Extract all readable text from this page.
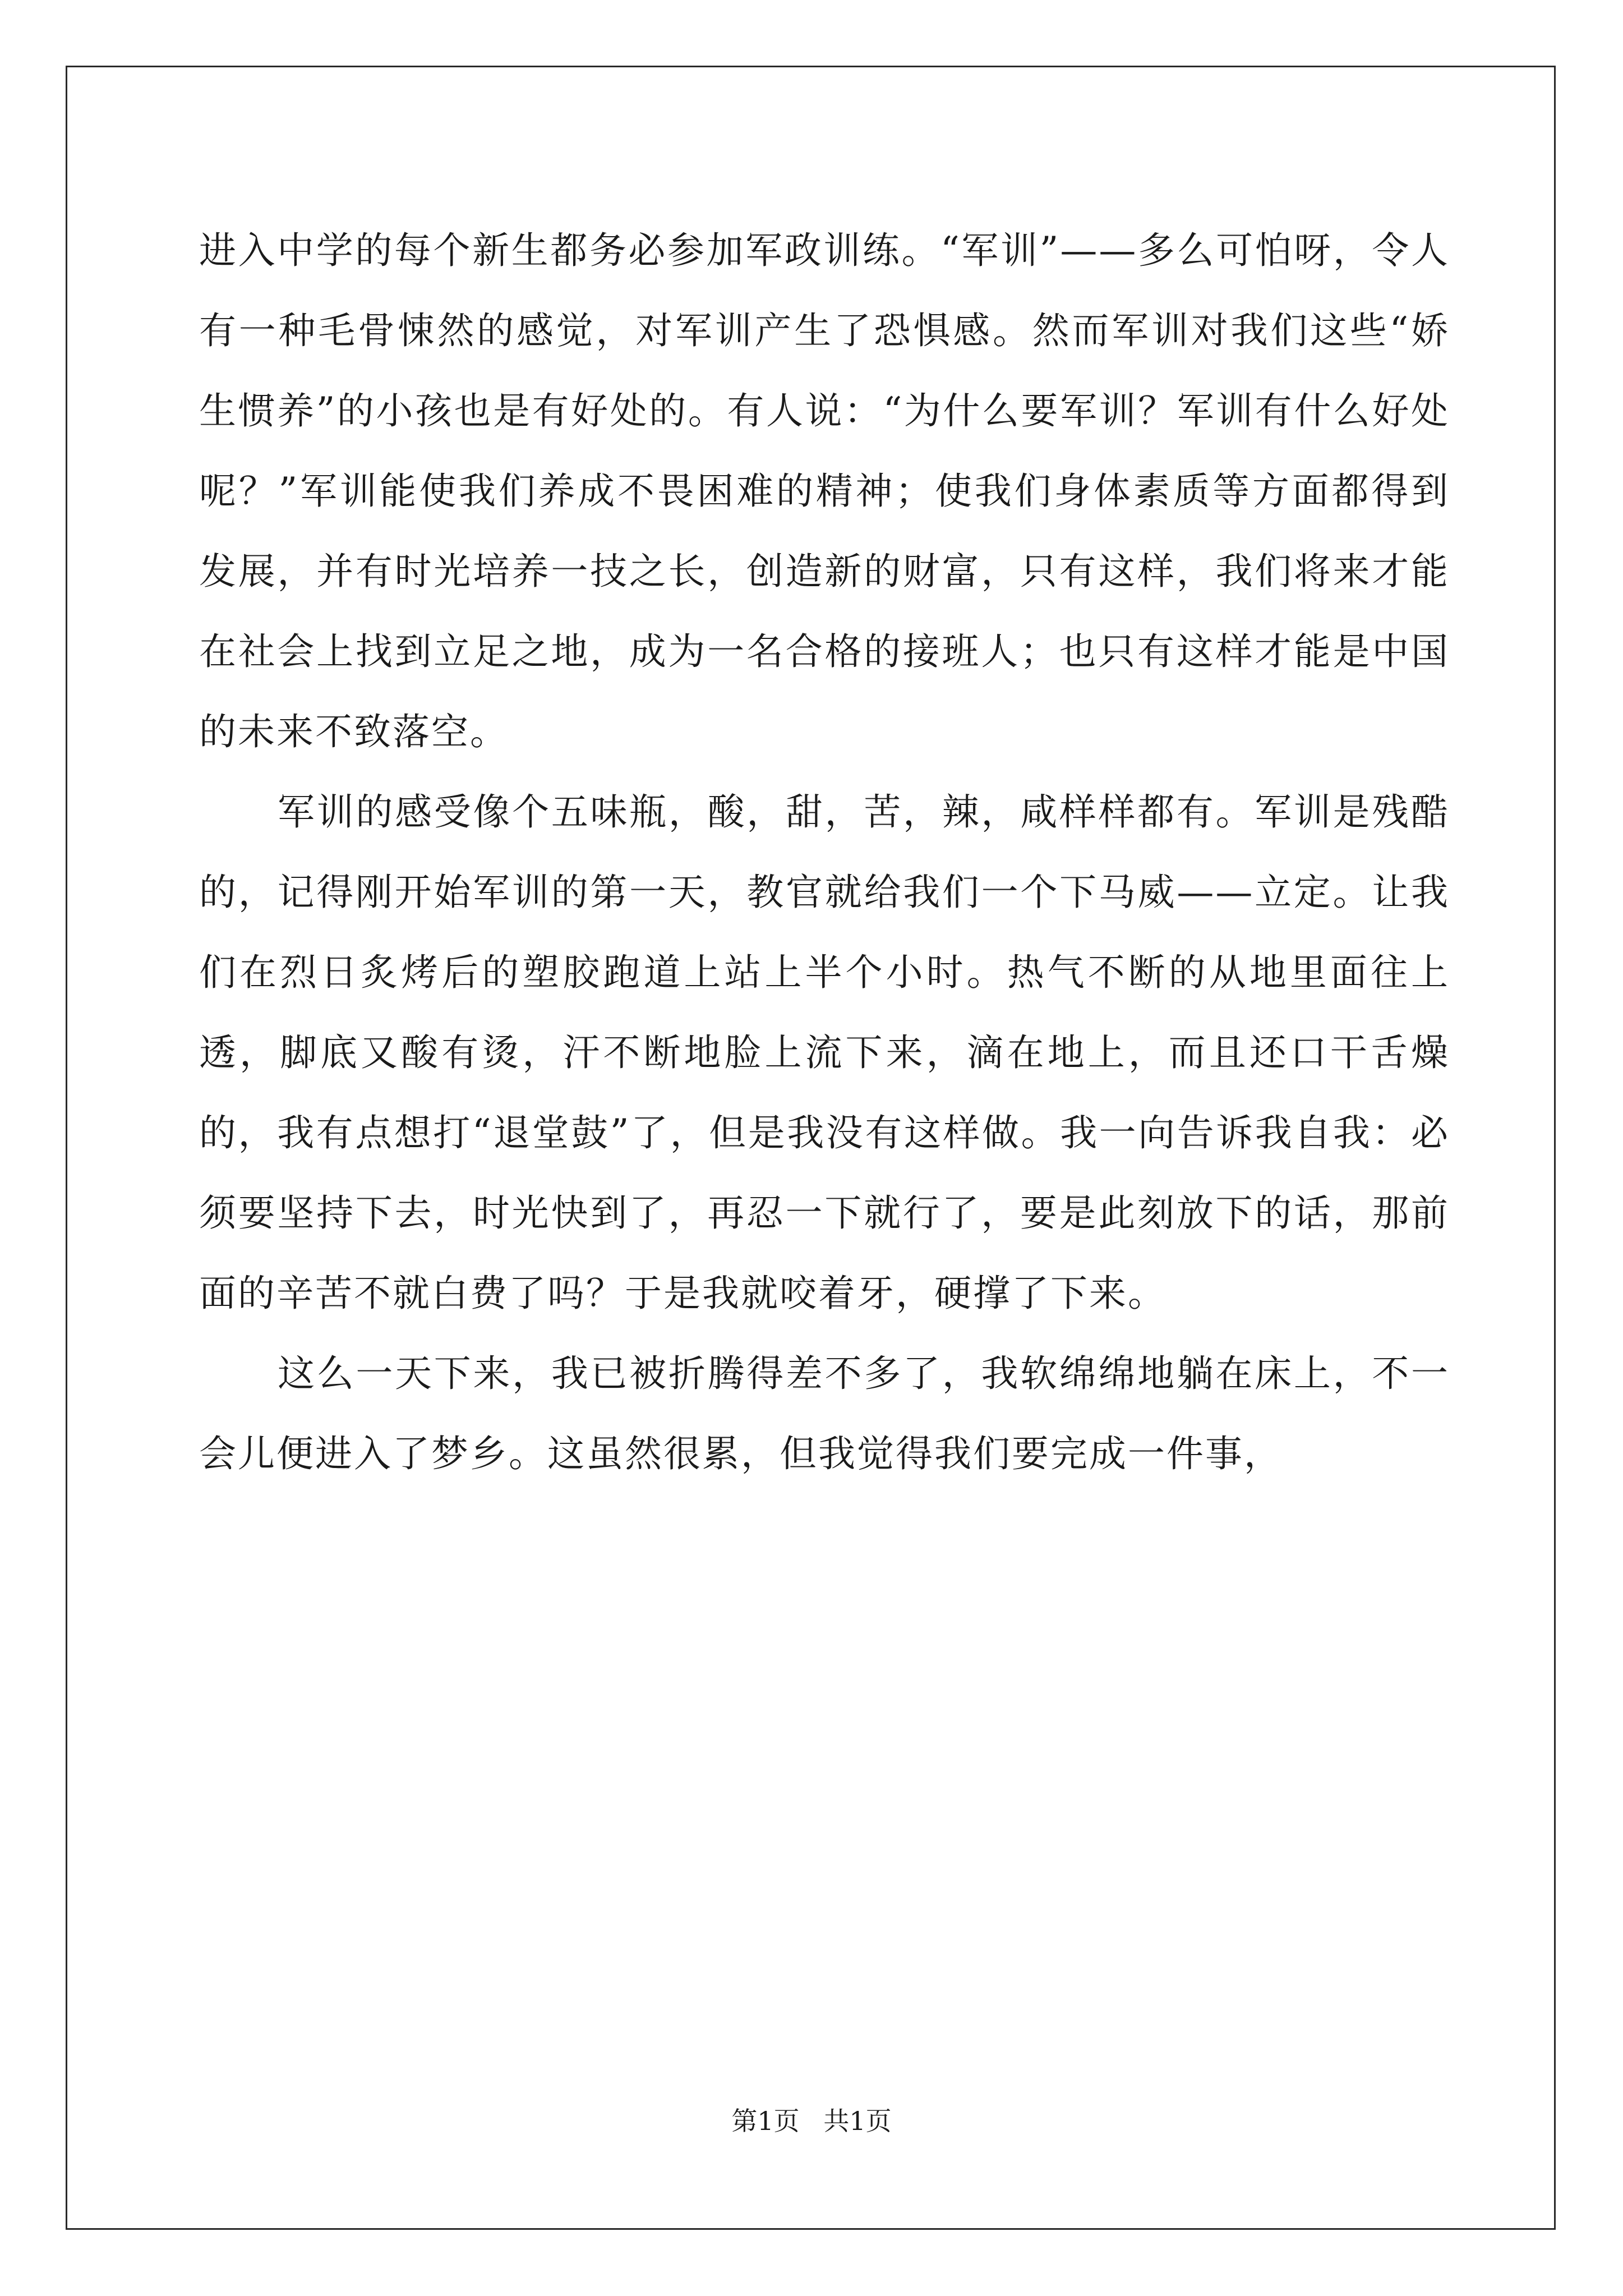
进入中学的每个新生都务必参加军政训练。“军训”——多么可怕呀，令人有一种毛骨悚然的感觉，对军训产生了恐惧感。然而军训对我们这些“娇生惯养”的小孩也是有好处的。有人说：“为什么要军训？军训有什么好处呢？”军训能使我们养成不畏困难的精神；使我们身体素质等方面都得到发展，并有时光培养一技之长，创造新的财富，只有这样，我们将来才能在社会上找到立足之地，成为一名合格的接班人；也只有这样才能是中国的未来不致落空。

军训的感受像个五味瓶，酸，甜，苦，辣，咸样样都有。军训是残酷的，记得刚开始军训的第一天，教官就给我们一个下马威——立定。让我们在烈日炙烤后的塑胶跑道上站上半个小时。热气不断的从地里面往上透，脚底又酸有烫，汗不断地脸上流下来，滴在地上，而且还口干舌燥的，我有点想打“退堂鼓”了，但是我没有这样做。我一向告诉我自我：必须要坚持下去，时光快到了，再忍一下就行了，要是此刻放下的话，那前面的辛苦不就白费了吗？于是我就咬着牙，硬撑了下来。

这么一天下来，我已被折腾得差不多了，我软绵绵地躺在床上，不一会儿便进入了梦乡。这虽然很累，但我觉得我们要完成一件事，

第1页 共1页
